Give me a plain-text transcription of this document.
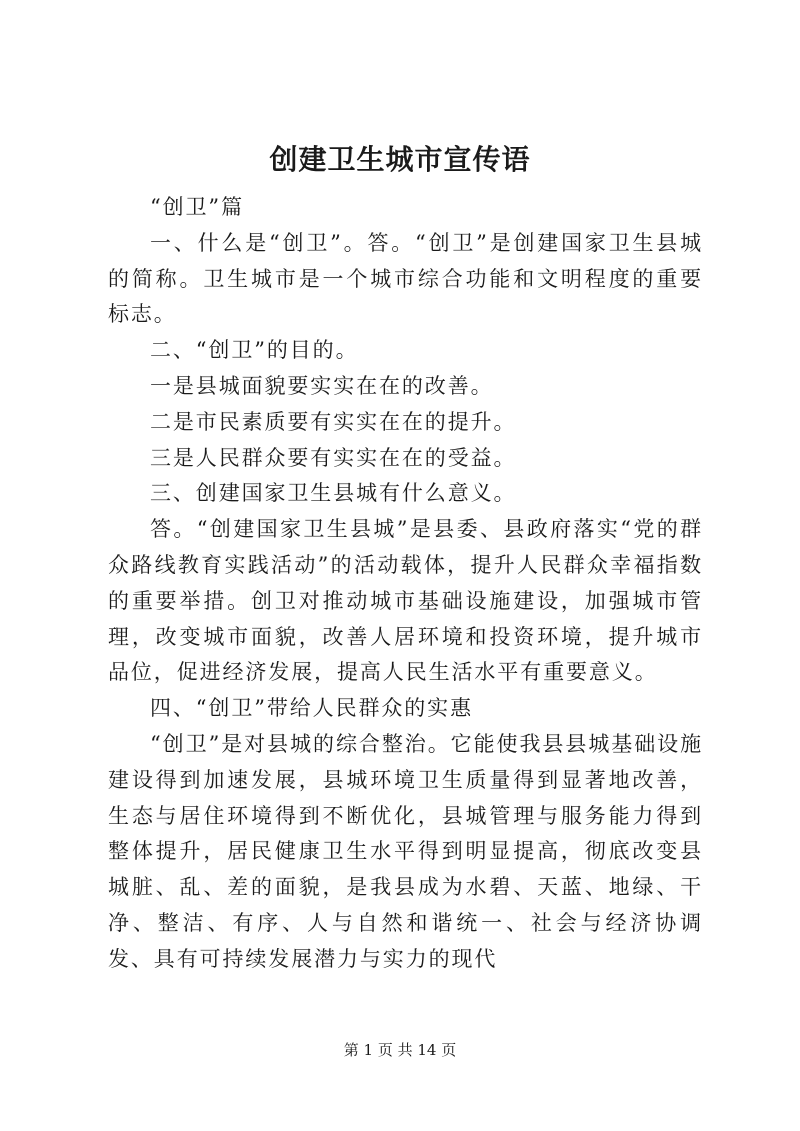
创建卫生城市宣传语

“创卫”篇

一、什么是“创卫”。答。“创卫”是创建国家卫生县城的简称。卫生城市是一个城市综合功能和文明程度的重要标志。

二、“创卫”的目的。

一是县城面貌要实实在在的改善。

二是市民素质要有实实在在的提升。

三是人民群众要有实实在在的受益。

三、创建国家卫生县城有什么意义。

答。“创建国家卫生县城”是县委、县政府落实“党的群众路线教育实践活动”的活动载体，提升人民群众幸福指数的重要举措。创卫对推动城市基础设施建设，加强城市管理，改变城市面貌，改善人居环境和投资环境，提升城市品位，促进经济发展，提高人民生活水平有重要意义。

四、“创卫”带给人民群众的实惠

“创卫”是对县城的综合整治。它能使我县县城基础设施建设得到加速发展，县城环境卫生质量得到显著地改善，生态与居住环境得到不断优化，县城管理与服务能力得到整体提升，居民健康卫生水平得到明显提高，彻底改变县城脏、乱、差的面貌，是我县成为水碧、天蓝、地绿、干净、整洁、有序、人与自然和谐统一、社会与经济协调发、具有可持续发展潜力与实力的现代

第 1 页 共 14 页
